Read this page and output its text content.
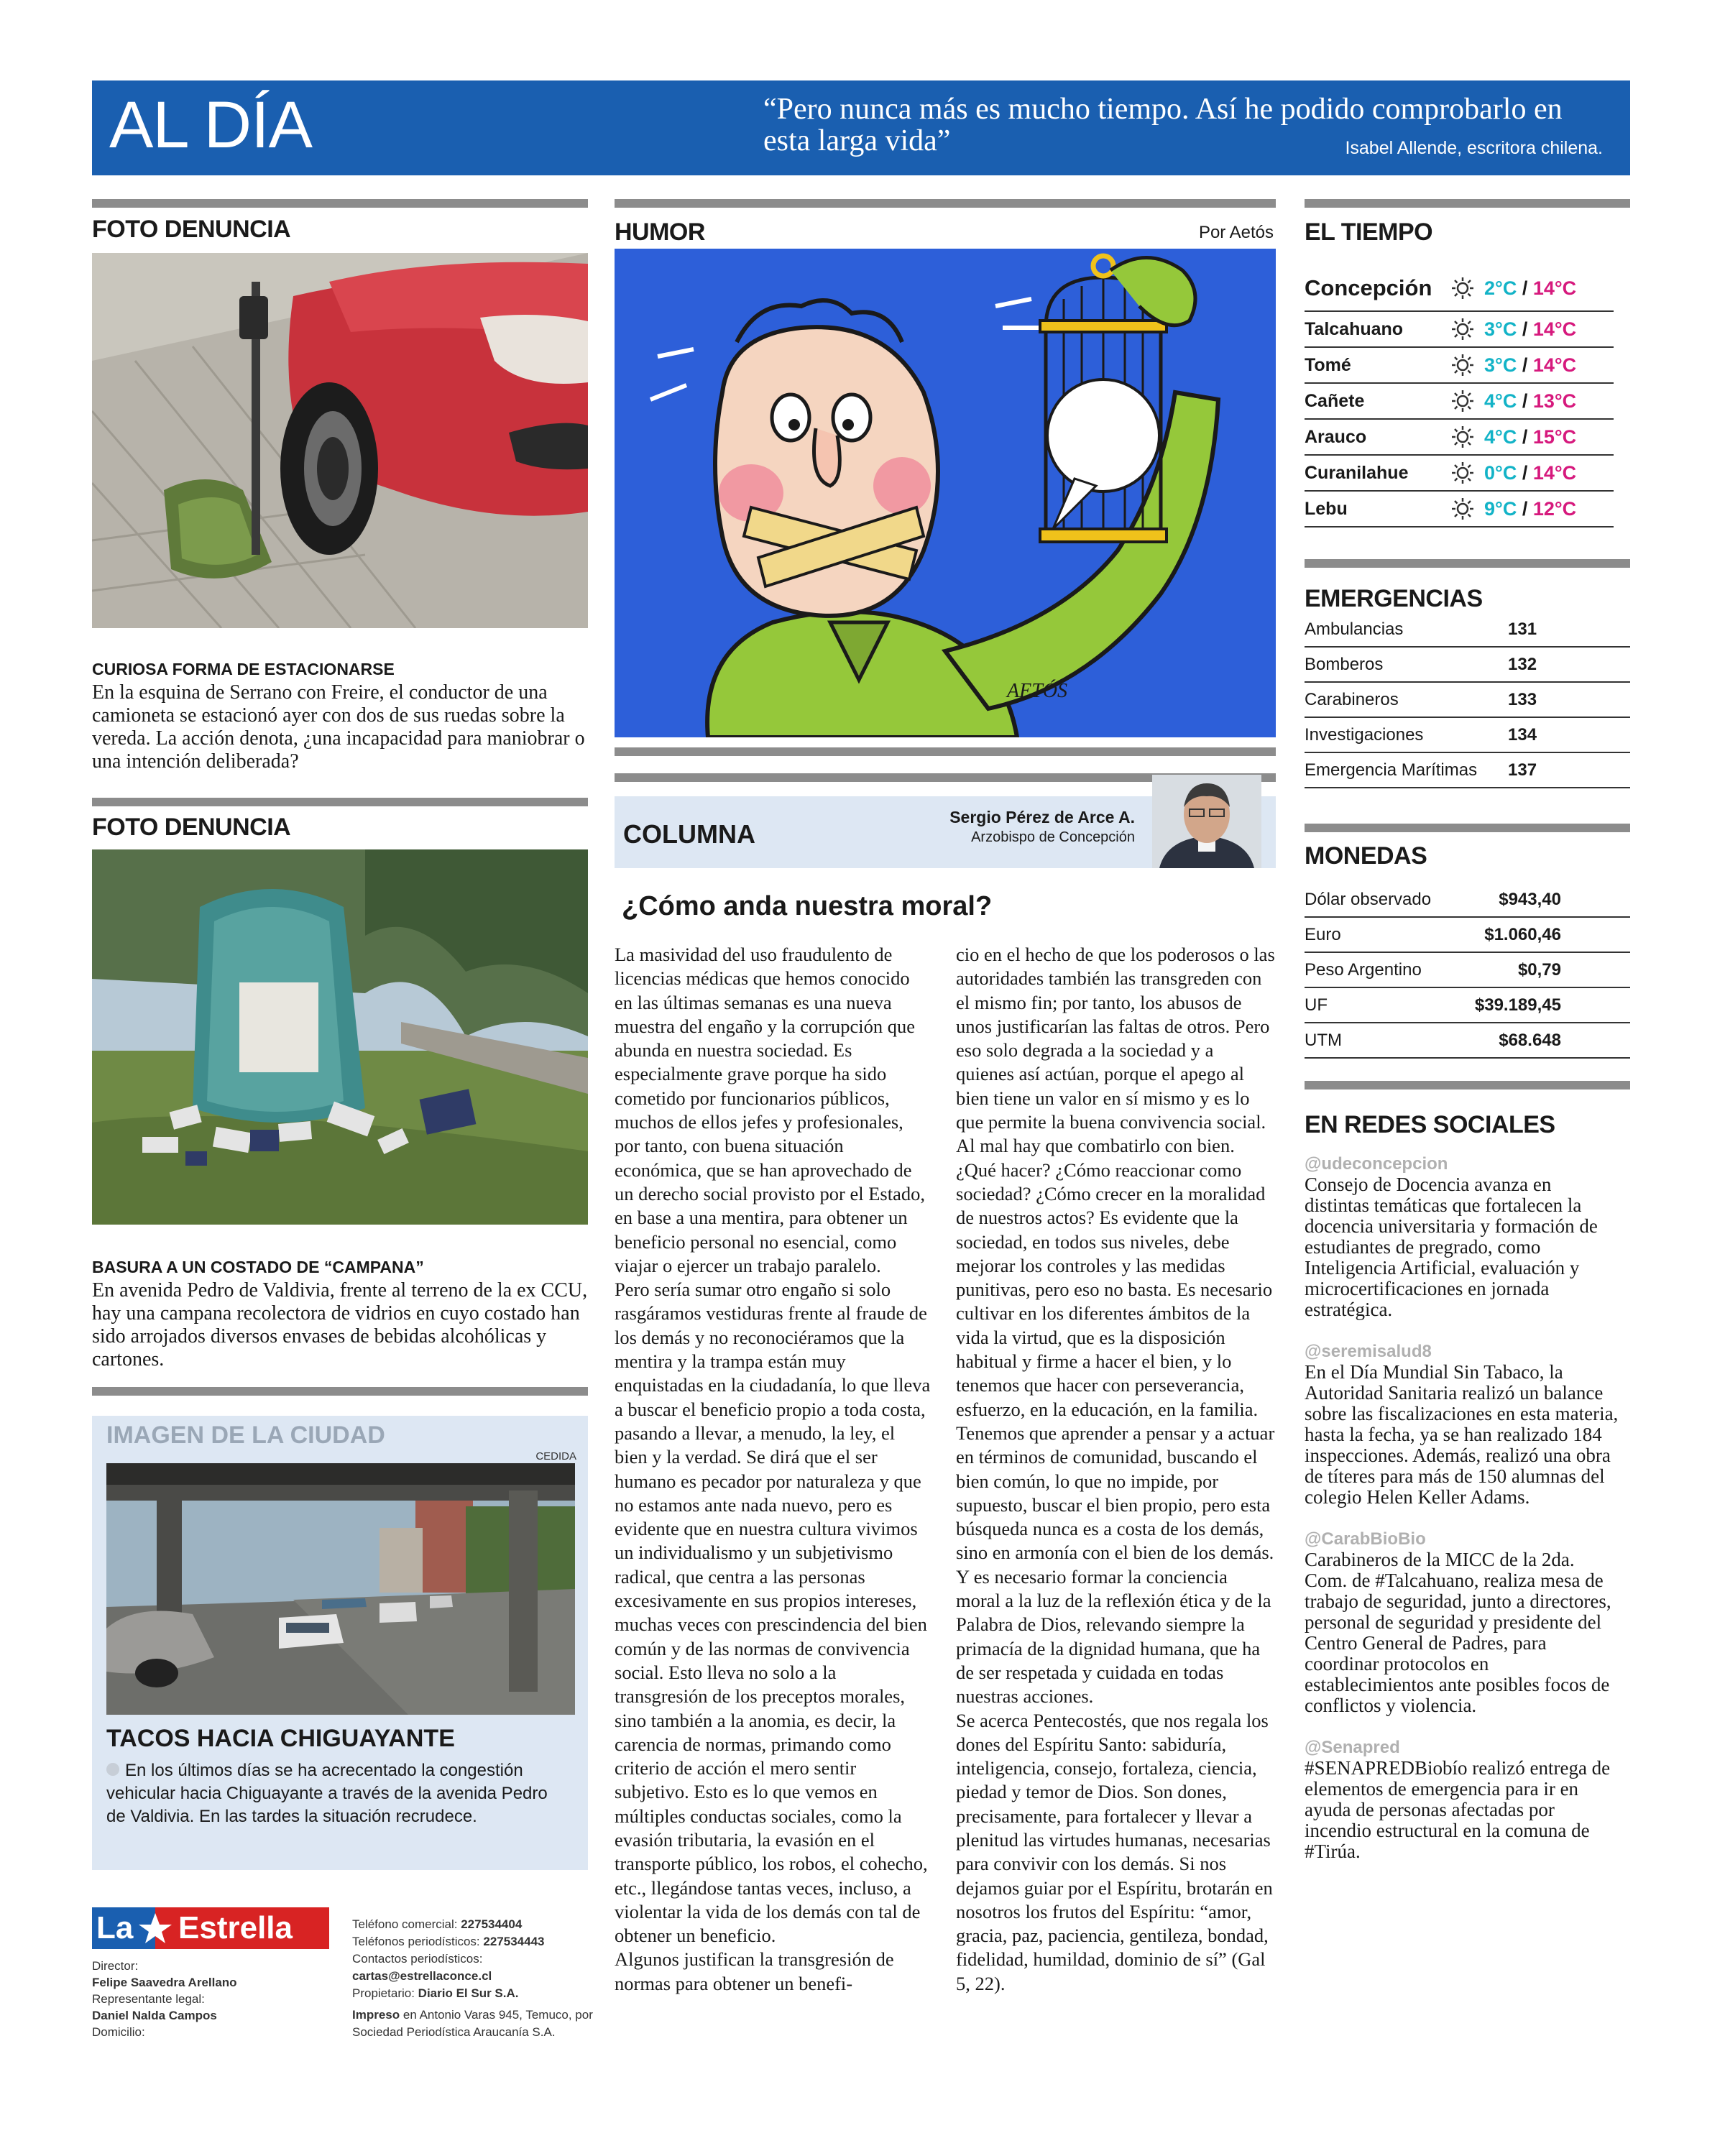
AL DÍA	“Pero nunca más es mucho tiempo. Así he podido comprobarlo en esta larga vida”	Isabel Allende, escritora chilena.
FOTO DENUNCIA
CURIOSA FORMA DE ESTACIONARSE
En la esquina de Serrano con Freire, el conductor de una camioneta se estacionó ayer con dos de sus ruedas sobre la vereda. La acción denota, ¿una incapacidad para maniobrar o una intención deliberada?
FOTO DENUNCIA
BASURA A UN COSTADO DE “CAMPANA”
En avenida Pedro de Valdivia, frente al terreno de la ex CCU, hay una campana recolectora de vidrios en cuyo costado han sido arrojados diversos envases de bebidas alcohólicas y cartones.
IMAGEN DE LA CIUDAD
CEDIDA
TACOS HACIA CHIGUAYANTE
En los últimos días se ha acrecentado la congestión vehicular hacia Chiguayante a través de la avenida Pedro de Valdivia. En las tardes la situación recrudece.
La Estrella
Director:
Felipe Saavedra Arellano
Representante legal:
Daniel Nalda Campos
Domicilio:
Teléfono comercial: 227534404
Teléfonos periodísticos: 227534443
Contactos periodísticos:
cartas@estrellaconce.cl
Propietario: Diario El Sur S.A.
Impreso en Antonio Varas 945, Temuco, por Sociedad Periodística Araucanía S.A.
HUMOR	Por Aetós
AETÓS
COLUMNA
Sergio Pérez de Arce A.
Arzobispo de Concepción
¿Cómo anda nuestra moral?

La masividad del uso fraudulento de licencias médicas que hemos conocido en las últimas semanas es una nueva muestra del engaño y la corrupción que abunda en nuestra sociedad. Es especialmente grave porque ha sido cometido por funcionarios públicos, muchos de ellos jefes y profesionales, por tanto, con buena situación económica, que se han aprovechado de un derecho social provisto por el Estado, en base a una mentira, para obtener un beneficio personal no esencial, como viajar o ejercer un trabajo paralelo.

Pero sería sumar otro engaño si solo rasgáramos vestiduras frente al fraude de los demás y no reconociéramos que la mentira y la trampa están muy enquistadas en la ciudadanía, lo que lleva a buscar el beneficio propio a toda costa, pasando a llevar, a menudo, la ley, el bien y la verdad. Se dirá que el ser humano es pecador por naturaleza y que no estamos ante nada nuevo, pero es evidente que en nuestra cultura vivimos un individualismo y un subjetivismo radical, que centra a las personas excesivamente en sus propios intereses, muchas veces con prescindencia del bien común y de las normas de convivencia social. Esto lleva no solo a la transgresión de los preceptos morales, sino también a la anomia, es decir, la carencia de normas, primando como criterio de acción el mero sentir subjetivo. Esto es lo que vemos en múltiples conductas sociales, como la evasión tributaria, la evasión en el transporte público, los robos, el cohecho, etc., llegándose tantas veces, incluso, a violentar la vida de los demás con tal de obtener un beneficio.

Algunos justifican la transgresión de normas para obtener un benefi-

cio en el hecho de que los poderosos o las autoridades también las transgreden con el mismo fin; por tanto, los abusos de unos justificarían las faltas de otros. Pero eso solo degrada a la sociedad y a quienes así actúan, porque el apego al bien tiene un valor en sí mismo y es lo que permite la buena convivencia social. Al mal hay que combatirlo con bien.

¿Qué hacer? ¿Cómo reaccionar como sociedad? ¿Cómo crecer en la moralidad de nuestros actos? Es evidente que la sociedad, en todos sus niveles, debe mejorar los controles y las medidas punitivas, pero eso no basta. Es necesario cultivar en los diferentes ámbitos de la vida la virtud, que es la disposición habitual y firme a hacer el bien, y lo tenemos que hacer con perseverancia, esfuerzo, en la educación, en la familia. Tenemos que aprender a pensar y a actuar en términos de comunidad, buscando el bien común, lo que no impide, por supuesto, buscar el bien propio, pero esta búsqueda nunca es a costa de los demás, sino en armonía con el bien de los demás. Y es necesario formar la conciencia moral a la luz de la reflexión ética y de la Palabra de Dios, relevando siempre la primacía de la dignidad humana, que ha de ser respetada y cuidada en todas nuestras acciones.

Se acerca Pentecostés, que nos regala los dones del Espíritu Santo: sabiduría, inteligencia, consejo, fortaleza, ciencia, piedad y temor de Dios. Son dones, precisamente, para fortalecer y llevar a plenitud las virtudes humanas, necesarias para convivir con los demás. Si nos dejamos guiar por el Espíritu, brotarán en nosotros los frutos del Espíritu: “amor, gracia, paz, paciencia, gentileza, bondad, fidelidad, humildad, dominio de sí” (Gal 5, 22).

EL TIEMPO
Concepción	2°C / 14°C
Talcahuano	3°C / 14°C
Tomé	3°C / 14°C
Cañete	4°C / 13°C
Arauco	4°C / 15°C
Curanilahue	0°C / 14°C
Lebu	9°C / 12°C
EMERGENCIAS
Ambulancias	131
Bomberos	132
Carabineros	133
Investigaciones	134
Emergencia Marítimas 137
MONEDAS
Dólar observado	$943,40
Euro	$1.060,46
Peso Argentino	$0,79
UF	$39.189,45
UTM	$68.648
EN REDES SOCIALES
@udeconcepcion
Consejo de Docencia avanza en distintas temáticas que fortalecen la docencia universitaria y formación de estudiantes de pregrado, como Inteligencia Artificial, evaluación y microcertificaciones en jornada estratégica.
@seremisalud8
En el Día Mundial Sin Tabaco, la Autoridad Sanitaria realizó un balance sobre las fiscalizaciones en esta materia, hasta la fecha, ya se han realizado 184 inspecciones. Además, realizó una obra de títeres para más de 150 alumnas del colegio Helen Keller Adams.
@CarabBioBio
Carabineros de la MICC de la 2da. Com. de #Talcahuano, realiza mesa de trabajo de seguridad, junto a directores, personal de seguridad y presidente del Centro General de Padres, para coordinar protocolos en establecimientos ante posibles focos de conflictos y violencia.
@Senapred
#SENAPREDBiobío realizó entrega de elementos de emergencia para ir en ayuda de personas afectadas por incendio estructural en la comuna de #Tirúa.
